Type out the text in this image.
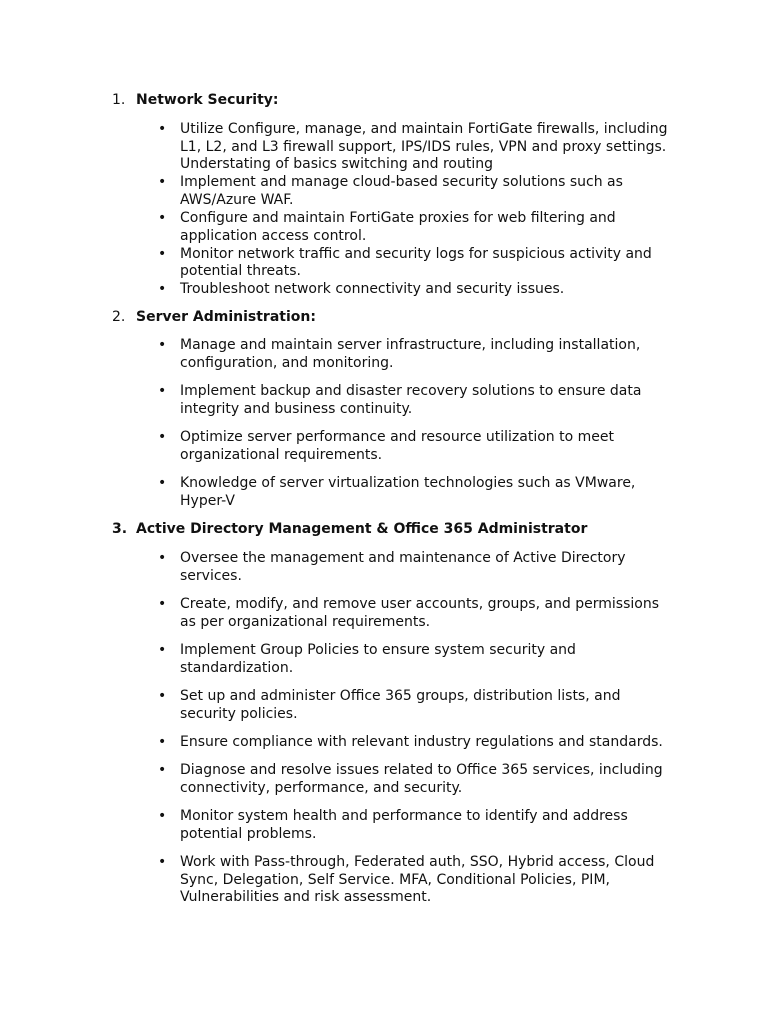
1. Network Security:
• Utilize Configure, manage, and maintain FortiGate firewalls, including L1, L2, and L3 firewall support, IPS/IDS rules, VPN and proxy settings. Understating of basics switching and routing
• Implement and manage cloud-based security solutions such as AWS/Azure WAF.
• Configure and maintain FortiGate proxies for web filtering and application access control.
• Monitor network traffic and security logs for suspicious activity and potential threats.
• Troubleshoot network connectivity and security issues.
2. Server Administration:
• Manage and maintain server infrastructure, including installation, configuration, and monitoring.
• Implement backup and disaster recovery solutions to ensure data integrity and business continuity.
• Optimize server performance and resource utilization to meet organizational requirements.
• Knowledge of server virtualization technologies such as VMware, Hyper-V
3. Active Directory Management & Office 365 Administrator
• Oversee the management and maintenance of Active Directory services.
• Create, modify, and remove user accounts, groups, and permissions as per organizational requirements.
• Implement Group Policies to ensure system security and standardization.
• Set up and administer Office 365 groups, distribution lists, and security policies.
• Ensure compliance with relevant industry regulations and standards.
• Diagnose and resolve issues related to Office 365 services, including connectivity, performance, and security.
• Monitor system health and performance to identify and address potential problems.
• Work with Pass-through, Federated auth, SSO, Hybrid access, Cloud Sync, Delegation, Self Service. MFA, Conditional Policies, PIM, Vulnerabilities and risk assessment.
